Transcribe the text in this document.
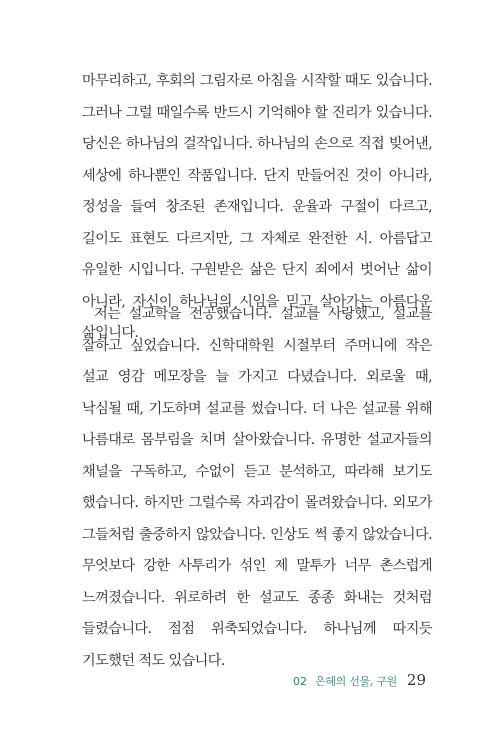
마무리하고, 후회의 그림자로 아침을 시작할 때도 있습니다. 그러나 그럴 때일수록 반드시 기억해야 할 진리가 있습니다. 당신은 하나님의 걸작입니다. 하나님의 손으로 직접 빚어낸, 세상에 하나뿐인 작품입니다. 단지 만들어진 것이 아니라, 정성을 들여 창조된 존재입니다. 운율과 구절이 다르고, 길이도 표현도 다르지만, 그 자체로 완전한 시. 아름답고 유일한 시입니다. 구원받은 삶은 단지 죄에서 벗어난 삶이 아니라, 자신이 하나님의 시임을 믿고 살아가는 아름다운 삶입니다.

저는 설교학을 전공했습니다. 설교를 사랑했고, 설교를 잘하고 싶었습니다. 신학대학원 시절부터 주머니에 작은 설교 영감 메모장을 늘 가지고 다녔습니다. 외로울 때, 낙심될 때, 기도하며 설교를 썼습니다. 더 나은 설교를 위해 나름대로 몸부림을 치며 살아왔습니다. 유명한 설교자들의 채널을 구독하고, 수없이 듣고 분석하고, 따라해 보기도 했습니다. 하지만 그럴수록 자괴감이 몰려왔습니다. 외모가 그들처럼 출중하지 않았습니다. 인상도 썩 좋지 않았습니다. 무엇보다 강한 사투리가 섞인 제 말투가 너무 촌스럽게 느껴졌습니다. 위로하려 한 설교도 종종 화내는 것처럼 들렸습니다. 점점 위축되었습니다. 하나님께 따지듯 기도했던 적도 있습니다.

02 은혜의 선물, 구원 29
